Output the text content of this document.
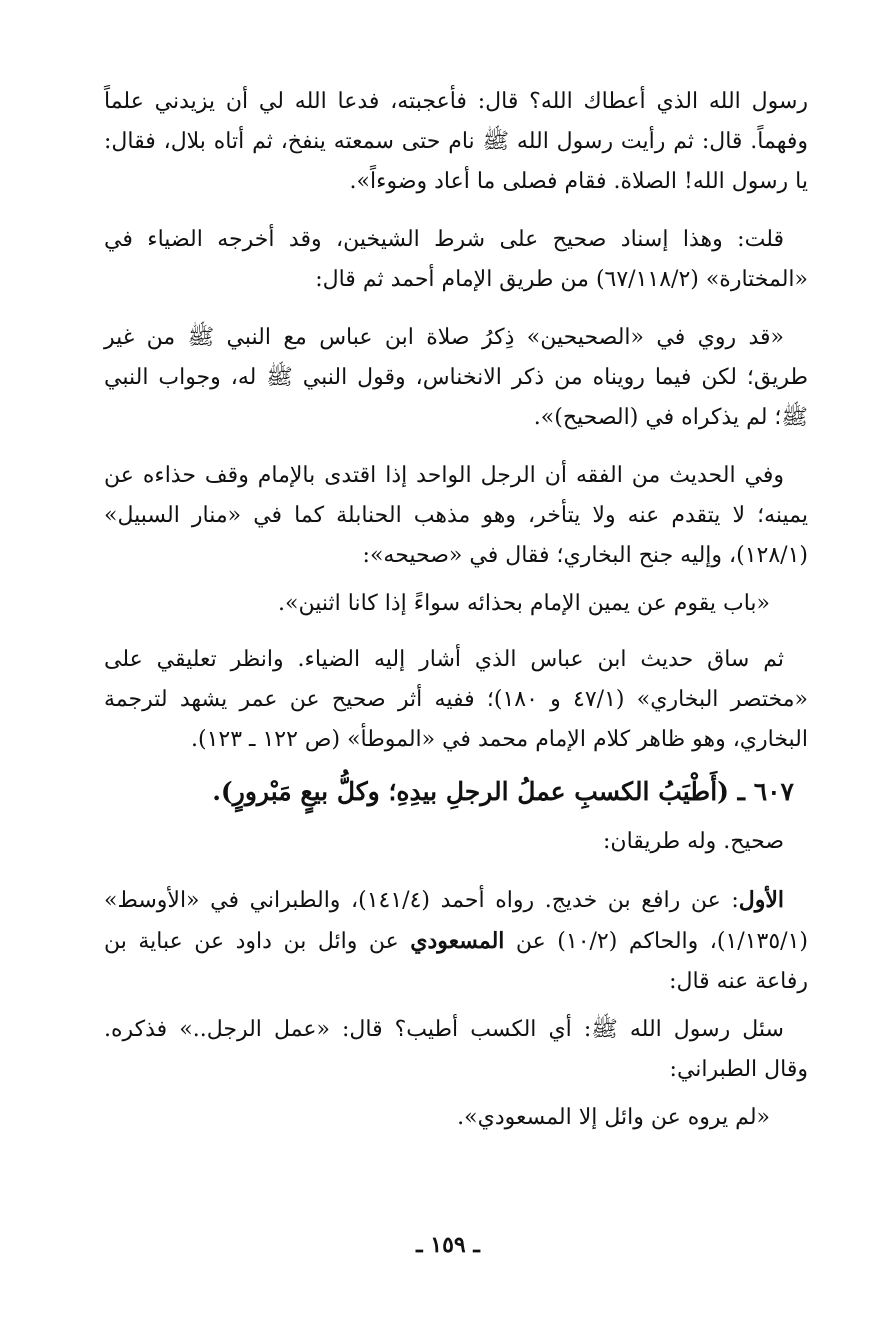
رسول الله الذي أعطاك الله؟ قال: فأعجبته، فدعا الله لي أن يزيدني علماً وفهماً. قال: ثم رأيت رسول الله ﷺ نام حتى سمعته ينفخ، ثم أتاه بلال، فقال: يا رسول الله! الصلاة. فقام فصلى ما أعاد وضوءاً».

قلت: وهذا إسناد صحيح على شرط الشيخين، وقد أخرجه الضياء في «المختارة» (٦٧/١١٨/٢) من طريق الإمام أحمد ثم قال:

«قد روي في «الصحيحين» ذِكرُ صلاة ابن عباس مع النبي ﷺ من غير طريق؛ لكن فيما رويناه من ذكر الانخناس، وقول النبي ﷺ له، وجواب النبي ﷺ؛ لم يذكراه في (الصحيح)».

وفي الحديث من الفقه أن الرجل الواحد إذا اقتدى بالإمام وقف حذاءه عن يمينه؛ لا يتقدم عنه ولا يتأخر، وهو مذهب الحنابلة كما في «منار السبيل» (١٢٨/١)، وإليه جنح البخاري؛ فقال في «صحيحه»:

«باب يقوم عن يمين الإمام بحذائه سواءً إذا كانا اثنين».

ثم ساق حديث ابن عباس الذي أشار إليه الضياء. وانظر تعليقي على «مختصر البخاري» (٤٧/١ و ١٨٠)؛ ففيه أثر صحيح عن عمر يشهد لترجمة البخاري، وهو ظاهر كلام الإمام محمد في «الموطأ» (ص ١٢٢ ـ ١٢٣).

٦٠٧ ـ (أَطْيَبُ الكسبِ عملُ الرجلِ بيدِهِ؛ وكلُّ بيعٍ مَبْرورٍ).

صحيح. وله طريقان:

الأول: عن رافع بن خديج. رواه أحمد (١٤١/٤)، والطبراني في «الأوسط» (١/١٣٥/١)، والحاكم (١٠/٢) عن المسعودي عن وائل بن داود عن عباية بن رفاعة عنه قال:

سئل رسول الله ﷺ: أي الكسب أطيب؟ قال: «عمل الرجل..» فذكره. وقال الطبراني:

«لم يروه عن وائل إلا المسعودي».

ـ ١٥٩ ـ
